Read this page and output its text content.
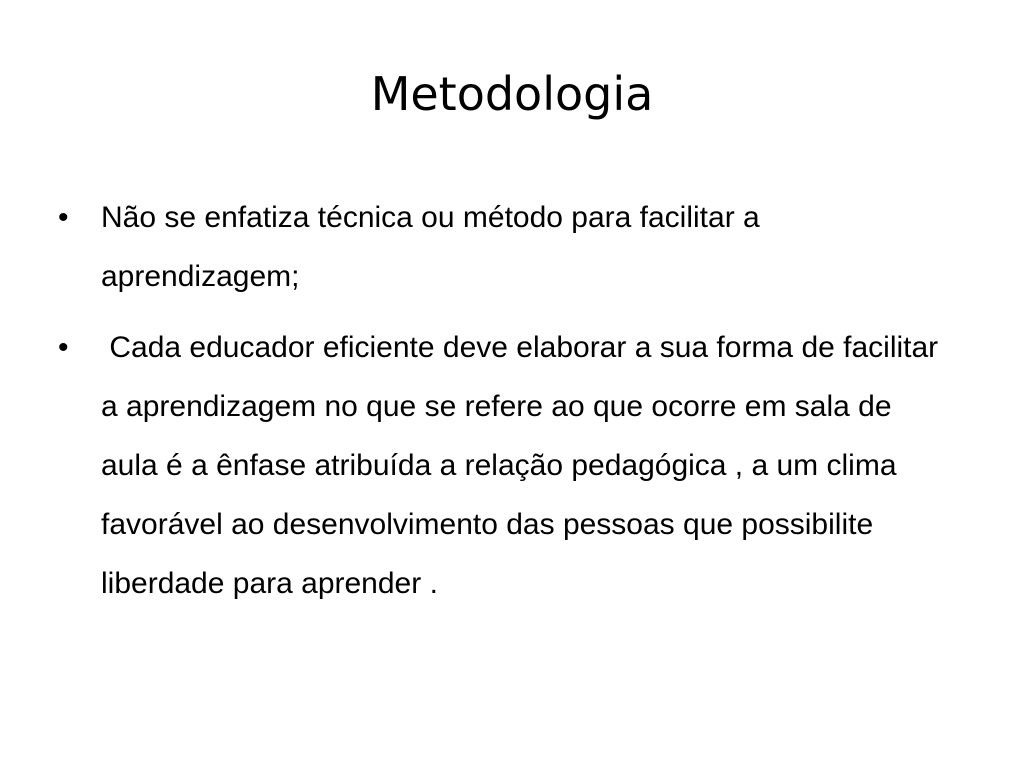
Metodologia
•	Não se enfatiza técnica ou método para facilitar a aprendizagem;
•	Cada educador eficiente deve elaborar a sua forma de facilitar a aprendizagem no que se refere ao que ocorre em sala de aula é a ênfase atribuída a relação pedagógica , a um clima favorável ao desenvolvimento das pessoas que possibilite liberdade para aprender .
